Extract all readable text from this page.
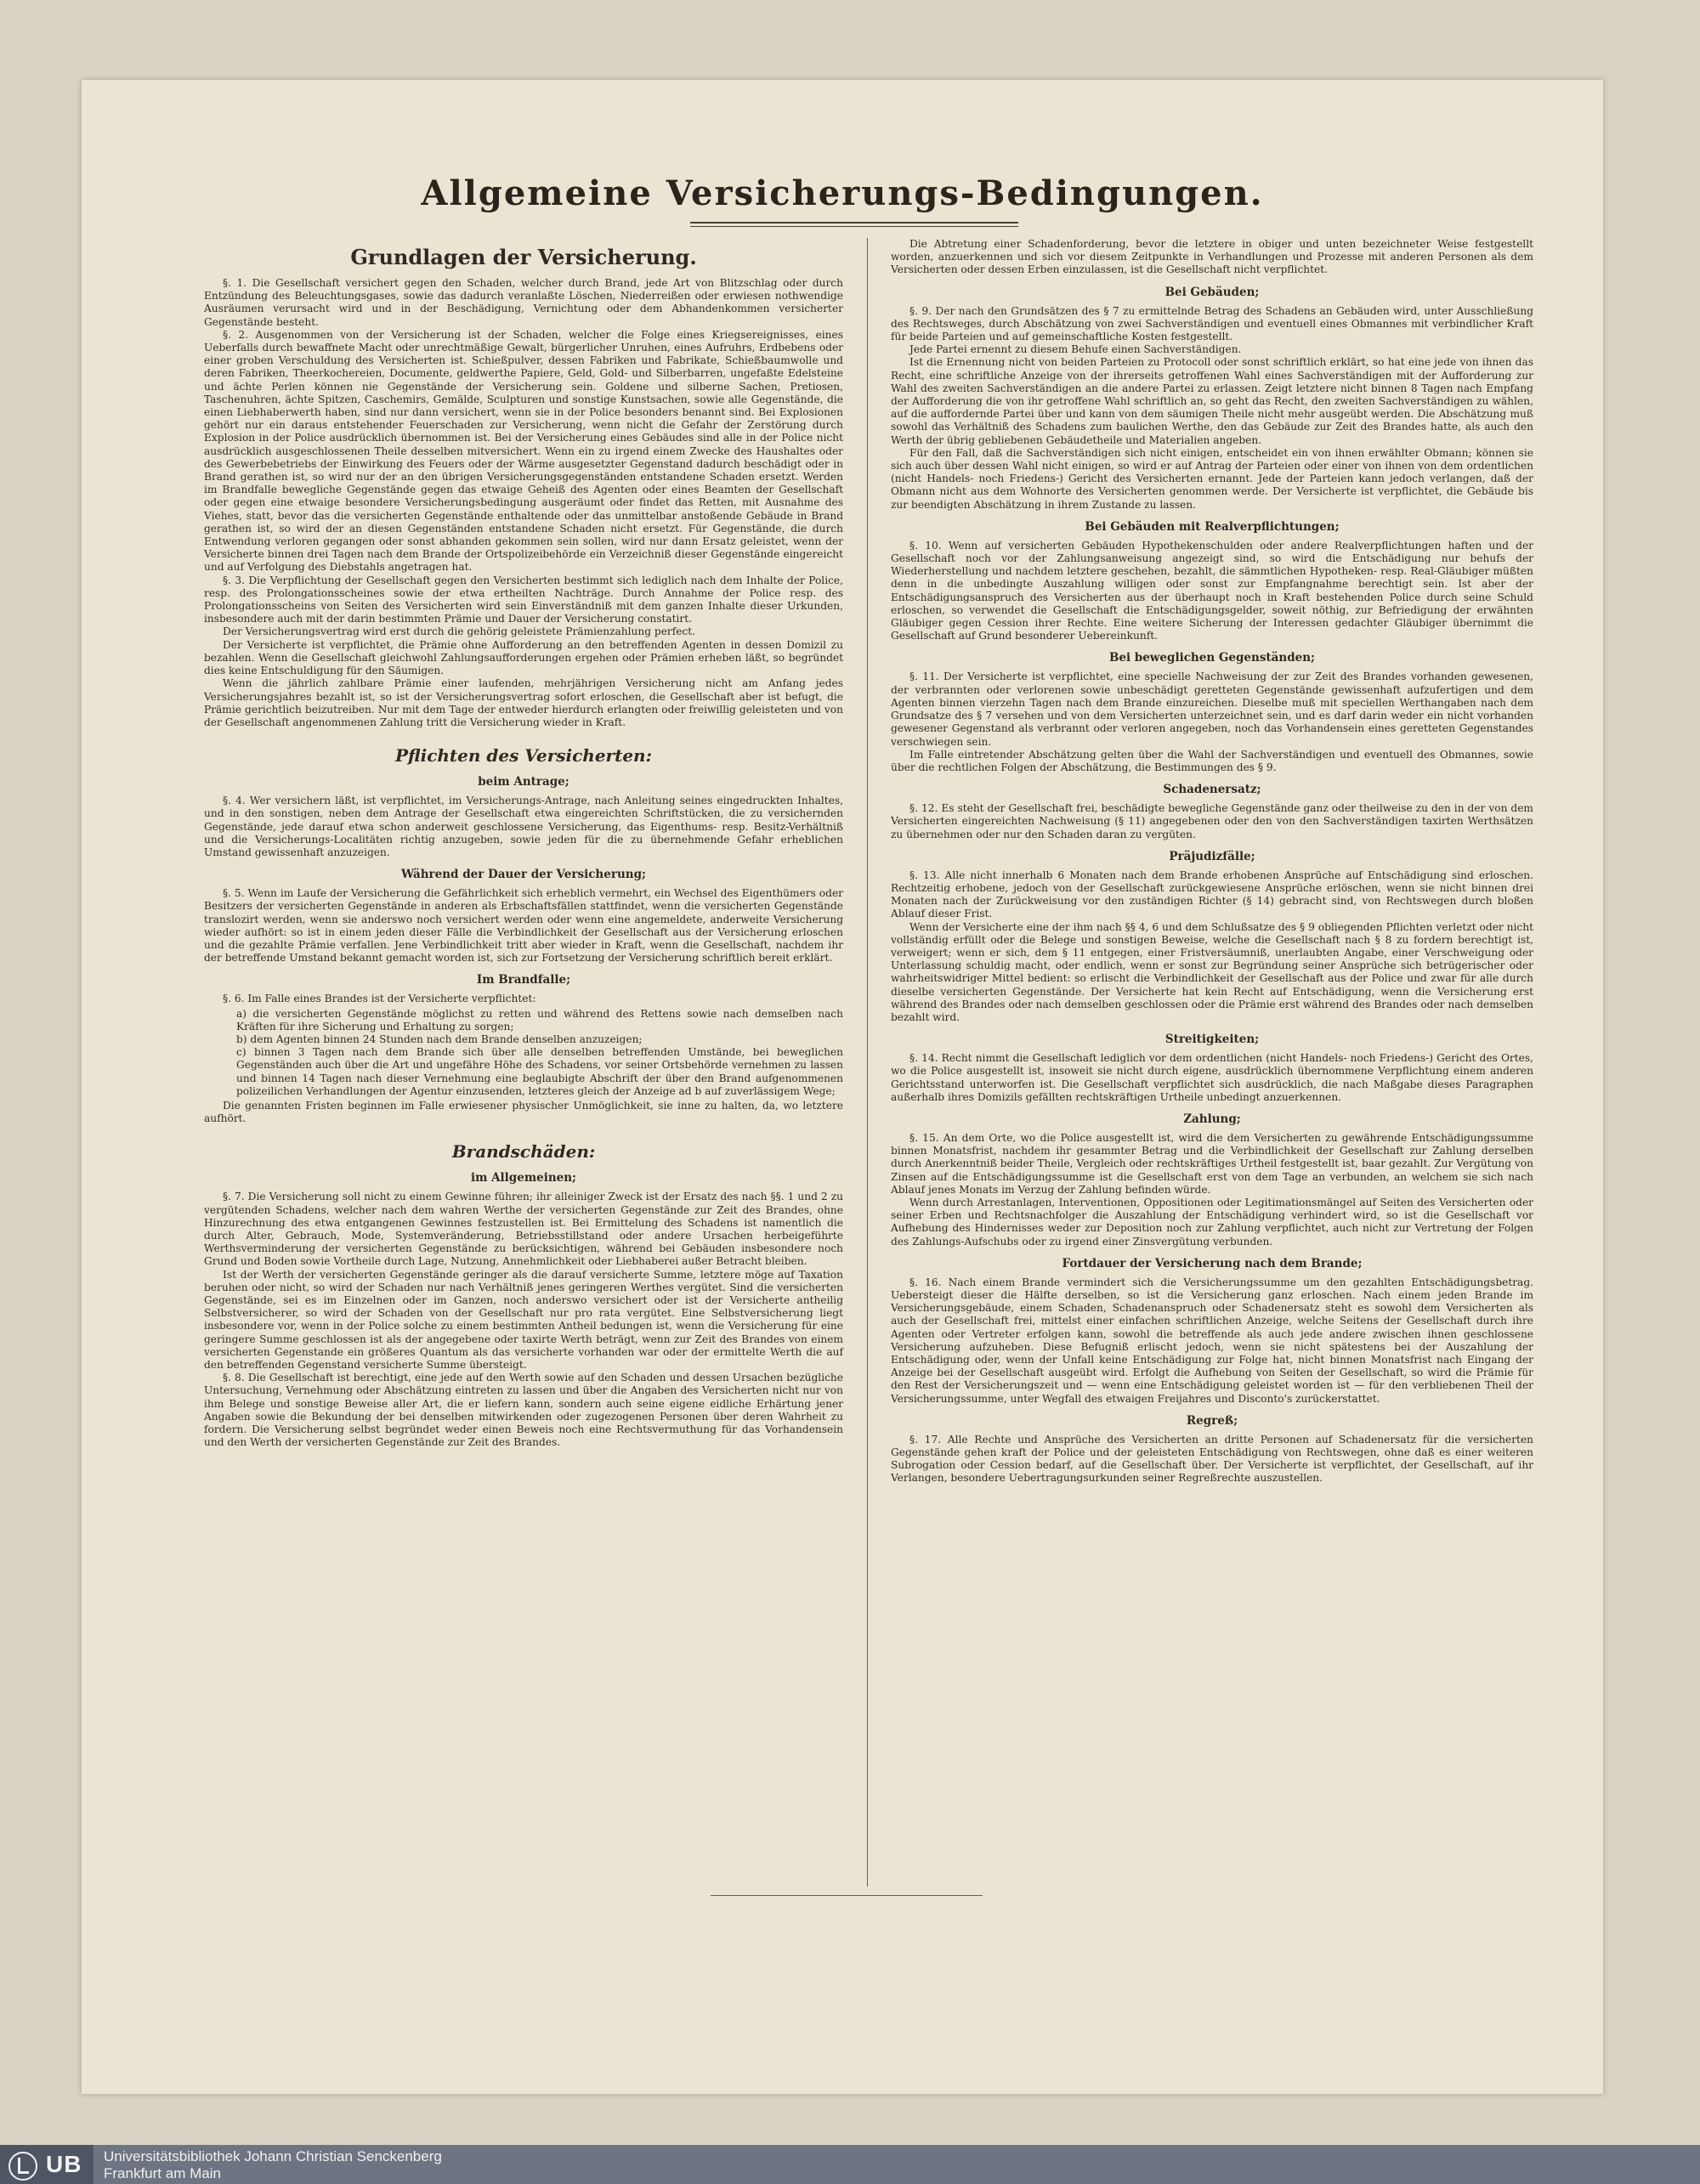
Allgemeine Versicherungs-Bedingungen.
Grundlagen der Versicherung.

§. 1. Die Gesellschaft versichert gegen den Schaden, welcher durch Brand, jede Art von Blitzschlag oder durch Entzündung des Beleuchtungsgases, sowie das dadurch veranlaßte Löschen, Niederreißen oder erwiesen nothwendige Ausräumen verursacht wird und in der Beschädigung, Vernichtung oder dem Abhandenkommen versicherter Gegenstände besteht.

§. 2. Ausgenommen von der Versicherung ist der Schaden, welcher die Folge eines Kriegsereignisses, eines Ueberfalls durch bewaffnete Macht oder unrechtmäßige Gewalt, bürgerlicher Unruhen, eines Aufruhrs, Erdbebens oder einer groben Verschuldung des Versicherten ist. Schießpulver, dessen Fabriken und Fabrikate, Schießbaumwolle und deren Fabriken, Theerkochereien, Documente, geldwerthe Papiere, Geld, Gold- und Silberbarren, ungefaßte Edelsteine und ächte Perlen können nie Gegenstände der Versicherung sein. Goldene und silberne Sachen, Pretiosen, Taschenuhren, ächte Spitzen, Caschemirs, Gemälde, Sculpturen und sonstige Kunstsachen, sowie alle Gegenstände, die einen Liebhaberwerth haben, sind nur dann versichert, wenn sie in der Police besonders benannt sind. Bei Explosionen gehört nur ein daraus entstehender Feuerschaden zur Versicherung, wenn nicht die Gefahr der Zerstörung durch Explosion in der Police ausdrücklich übernommen ist. Bei der Versicherung eines Gebäudes sind alle in der Police nicht ausdrücklich ausgeschlossenen Theile desselben mitversichert. Wenn ein zu irgend einem Zwecke des Haushaltes oder des Gewerbebetriebs der Einwirkung des Feuers oder der Wärme ausgesetzter Gegenstand dadurch beschädigt oder in Brand gerathen ist, so wird nur der an den übrigen Versicherungsgegenständen entstandene Schaden ersetzt. Werden im Brandfalle bewegliche Gegenstände gegen das etwaige Geheiß des Agenten oder eines Beamten der Gesellschaft oder gegen eine etwaige besondere Versicherungsbedingung ausgeräumt oder findet das Retten, mit Ausnahme des Viehes, statt, bevor das die versicherten Gegenstände enthaltende oder das unmittelbar anstoßende Gebäude in Brand gerathen ist, so wird der an diesen Gegenständen entstandene Schaden nicht ersetzt. Für Gegenstände, die durch Entwendung verloren gegangen oder sonst abhanden gekommen sein sollen, wird nur dann Ersatz geleistet, wenn der Versicherte binnen drei Tagen nach dem Brande der Ortspolizeibehörde ein Verzeichniß dieser Gegenstände eingereicht und auf Verfolgung des Diebstahls angetragen hat.

§. 3. Die Verpflichtung der Gesellschaft gegen den Versicherten bestimmt sich lediglich nach dem Inhalte der Police, resp. des Prolongationsscheines sowie der etwa ertheilten Nachträge. Durch Annahme der Police resp. des Prolongationsscheins von Seiten des Versicherten wird sein Einverständniß mit dem ganzen Inhalte dieser Urkunden, insbesondere auch mit der darin bestimmten Prämie und Dauer der Versicherung constatirt.

Der Versicherungsvertrag wird erst durch die gehörig geleistete Prämienzahlung perfect.

Der Versicherte ist verpflichtet, die Prämie ohne Aufforderung an den betreffenden Agenten in dessen Domizil zu bezahlen. Wenn die Gesellschaft gleichwohl Zahlungsaufforderungen ergehen oder Prämien erheben läßt, so begründet dies keine Entschuldigung für den Säumigen.

Wenn die jährlich zahlbare Prämie einer laufenden, mehrjährigen Versicherung nicht am Anfang jedes Versicherungsjahres bezahlt ist, so ist der Versicherungsvertrag sofort erloschen, die Gesellschaft aber ist befugt, die Prämie gerichtlich beizutreiben. Nur mit dem Tage der entweder hierdurch erlangten oder freiwillig geleisteten und von der Gesellschaft angenommenen Zahlung tritt die Versicherung wieder in Kraft.

Pflichten des Versicherten:
beim Antrage;

§. 4. Wer versichern läßt, ist verpflichtet, im Versicherungs-Antrage, nach Anleitung seines eingedruckten Inhaltes, und in den sonstigen, neben dem Antrage der Gesellschaft etwa eingereichten Schriftstücken, die zu versichernden Gegenstände, jede darauf etwa schon anderweit geschlossene Versicherung, das Eigenthums- resp. Besitz-Verhältniß und die Versicherungs-Localitäten richtig anzugeben, sowie jeden für die zu übernehmende Gefahr erheblichen Umstand gewissenhaft anzuzeigen.

Während der Dauer der Versicherung;

§. 5. Wenn im Laufe der Versicherung die Gefährlichkeit sich erheblich vermehrt, ein Wechsel des Eigenthümers oder Besitzers der versicherten Gegenstände in anderen als Erbschaftsfällen stattfindet, wenn die versicherten Gegenstände translozirt werden, wenn sie anderswo noch versichert werden oder wenn eine angemeldete, anderweite Versicherung wieder aufhört: so ist in einem jeden dieser Fälle die Verbindlichkeit der Gesellschaft aus der Versicherung erloschen und die gezahlte Prämie verfallen. Jene Verbindlichkeit tritt aber wieder in Kraft, wenn die Gesellschaft, nachdem ihr der betreffende Umstand bekannt gemacht worden ist, sich zur Fortsetzung der Versicherung schriftlich bereit erklärt.

Im Brandfalle;

§. 6. Im Falle eines Brandes ist der Versicherte verpflichtet:

a) die versicherten Gegenstände möglichst zu retten und während des Rettens sowie nach demselben nach Kräften für ihre Sicherung und Erhaltung zu sorgen;
b) dem Agenten binnen 24 Stunden nach dem Brande denselben anzuzeigen;
c) binnen 3 Tagen nach dem Brande sich über alle denselben betreffenden Umstände, bei beweglichen Gegenständen auch über die Art und ungefähre Höhe des Schadens, vor seiner Ortsbehörde vernehmen zu lassen und binnen 14 Tagen nach dieser Vernehmung eine beglaubigte Abschrift der über den Brand aufgenommenen polizeilichen Verhandlungen der Agentur einzusenden, letzteres gleich der Anzeige ad b auf zuverlässigem Wege;

Die genannten Fristen beginnen im Falle erwiesener physischer Unmöglichkeit, sie inne zu halten, da, wo letztere aufhört.

Brandschäden:
im Allgemeinen;

§. 7. Die Versicherung soll nicht zu einem Gewinne führen; ihr alleiniger Zweck ist der Ersatz des nach §§. 1 und 2 zu vergütenden Schadens, welcher nach dem wahren Werthe der versicherten Gegenstände zur Zeit des Brandes, ohne Hinzurechnung des etwa entgangenen Gewinnes festzustellen ist. Bei Ermittelung des Schadens ist namentlich die durch Alter, Gebrauch, Mode, Systemveränderung, Betriebsstillstand oder andere Ursachen herbeigeführte Werthsverminderung der versicherten Gegenstände zu berücksichtigen, während bei Gebäuden insbesondere noch Grund und Boden sowie Vortheile durch Lage, Nutzung, Annehmlichkeit oder Liebhaberei außer Betracht bleiben.

Ist der Werth der versicherten Gegenstände geringer als die darauf versicherte Summe, letztere möge auf Taxation beruhen oder nicht, so wird der Schaden nur nach Verhältniß jenes geringeren Werthes vergütet. Sind die versicherten Gegenstände, sei es im Einzelnen oder im Ganzen, noch anderswo versichert oder ist der Versicherte antheilig Selbstversicherer, so wird der Schaden von der Gesellschaft nur pro rata vergütet. Eine Selbstversicherung liegt insbesondere vor, wenn in der Police solche zu einem bestimmten Antheil bedungen ist, wenn die Versicherung für eine geringere Summe geschlossen ist als der angegebene oder taxirte Werth beträgt, wenn zur Zeit des Brandes von einem versicherten Gegenstande ein größeres Quantum als das versicherte vorhanden war oder der ermittelte Werth die auf den betreffenden Gegenstand versicherte Summe übersteigt.

§. 8. Die Gesellschaft ist berechtigt, eine jede auf den Werth sowie auf den Schaden und dessen Ursachen bezügliche Untersuchung, Vernehmung oder Abschätzung eintreten zu lassen und über die Angaben des Versicherten nicht nur von ihm Belege und sonstige Beweise aller Art, die er liefern kann, sondern auch seine eigene eidliche Erhärtung jener Angaben sowie die Bekundung der bei denselben mitwirkenden oder zugezogenen Personen über deren Wahrheit zu fordern. Die Versicherung selbst begründet weder einen Beweis noch eine Rechtsvermuthung für das Vorhandensein und den Werth der versicherten Gegenstände zur Zeit des Brandes.

Die Abtretung einer Schadenforderung, bevor die letztere in obiger und unten bezeichneter Weise festgestellt worden, anzuerkennen und sich vor diesem Zeitpunkte in Verhandlungen und Prozesse mit anderen Personen als dem Versicherten oder dessen Erben einzulassen, ist die Gesellschaft nicht verpflichtet.

Bei Gebäuden;

§. 9. Der nach den Grundsätzen des § 7 zu ermittelnde Betrag des Schadens an Gebäuden wird, unter Ausschließung des Rechtsweges, durch Abschätzung von zwei Sachverständigen und eventuell eines Obmannes mit verbindlicher Kraft für beide Parteien und auf gemeinschaftliche Kosten festgestellt.

Jede Partei ernennt zu diesem Behufe einen Sachverständigen.

Ist die Ernennung nicht von beiden Parteien zu Protocoll oder sonst schriftlich erklärt, so hat eine jede von ihnen das Recht, eine schriftliche Anzeige von der ihrerseits getroffenen Wahl eines Sachverständigen mit der Aufforderung zur Wahl des zweiten Sachverständigen an die andere Partei zu erlassen. Zeigt letztere nicht binnen 8 Tagen nach Empfang der Aufforderung die von ihr getroffene Wahl schriftlich an, so geht das Recht, den zweiten Sachverständigen zu wählen, auf die auffordernde Partei über und kann von dem säumigen Theile nicht mehr ausgeübt werden. Die Abschätzung muß sowohl das Verhältniß des Schadens zum baulichen Werthe, den das Gebäude zur Zeit des Brandes hatte, als auch den Werth der übrig gebliebenen Gebäudetheile und Materialien angeben.

Für den Fall, daß die Sachverständigen sich nicht einigen, entscheidet ein von ihnen erwählter Obmann; können sie sich auch über dessen Wahl nicht einigen, so wird er auf Antrag der Parteien oder einer von ihnen von dem ordentlichen (nicht Handels- noch Friedens-) Gericht des Versicherten ernannt. Jede der Parteien kann jedoch verlangen, daß der Obmann nicht aus dem Wohnorte des Versicherten genommen werde. Der Versicherte ist verpflichtet, die Gebäude bis zur beendigten Abschätzung in ihrem Zustande zu lassen.

Bei Gebäuden mit Realverpflichtungen;

§. 10. Wenn auf versicherten Gebäuden Hypothekenschulden oder andere Realverpflichtungen haften und der Gesellschaft noch vor der Zahlungsanweisung angezeigt sind, so wird die Entschädigung nur behufs der Wiederherstellung und nachdem letztere geschehen, bezahlt, die sämmtlichen Hypotheken- resp. Real-Gläubiger müßten denn in die unbedingte Auszahlung willigen oder sonst zur Empfangnahme berechtigt sein. Ist aber der Entschädigungsanspruch des Versicherten aus der überhaupt noch in Kraft bestehenden Police durch seine Schuld erloschen, so verwendet die Gesellschaft die Entschädigungsgelder, soweit nöthig, zur Befriedigung der erwähnten Gläubiger gegen Cession ihrer Rechte. Eine weitere Sicherung der Interessen gedachter Gläubiger übernimmt die Gesellschaft auf Grund besonderer Uebereinkunft.

Bei beweglichen Gegenständen;

§. 11. Der Versicherte ist verpflichtet, eine specielle Nachweisung der zur Zeit des Brandes vorhanden gewesenen, der verbrannten oder verlorenen sowie unbeschädigt geretteten Gegenstände gewissenhaft aufzufertigen und dem Agenten binnen vierzehn Tagen nach dem Brande einzureichen. Dieselbe muß mit speciellen Werthangaben nach dem Grundsatze des § 7 versehen und von dem Versicherten unterzeichnet sein, und es darf darin weder ein nicht vorhanden gewesener Gegenstand als verbrannt oder verloren angegeben, noch das Vorhandensein eines geretteten Gegenstandes verschwiegen sein.

Im Falle eintretender Abschätzung gelten über die Wahl der Sachverständigen und eventuell des Obmannes, sowie über die rechtlichen Folgen der Abschätzung, die Bestimmungen des § 9.

Schadenersatz;

§. 12. Es steht der Gesellschaft frei, beschädigte bewegliche Gegenstände ganz oder theilweise zu den in der von dem Versicherten eingereichten Nachweisung (§ 11) angegebenen oder den von den Sachverständigen taxirten Werthsätzen zu übernehmen oder nur den Schaden daran zu vergüten.

Präjudizfälle;

§. 13. Alle nicht innerhalb 6 Monaten nach dem Brande erhobenen Ansprüche auf Entschädigung sind erloschen. Rechtzeitig erhobene, jedoch von der Gesellschaft zurückgewiesene Ansprüche erlöschen, wenn sie nicht binnen drei Monaten nach der Zurückweisung vor den zuständigen Richter (§ 14) gebracht sind, von Rechtswegen durch bloßen Ablauf dieser Frist.

Wenn der Versicherte eine der ihm nach §§ 4, 6 und dem Schlußsatze des § 9 obliegenden Pflichten verletzt oder nicht vollständig erfüllt oder die Belege und sonstigen Beweise, welche die Gesellschaft nach § 8 zu fordern berechtigt ist, verweigert; wenn er sich, dem § 11 entgegen, einer Fristversäumniß, unerlaubten Angabe, einer Verschweigung oder Unterlassung schuldig macht, oder endlich, wenn er sonst zur Begründung seiner Ansprüche sich betrügerischer oder wahrheitswidriger Mittel bedient: so erlischt die Verbindlichkeit der Gesellschaft aus der Police und zwar für alle durch dieselbe versicherten Gegenstände. Der Versicherte hat kein Recht auf Entschädigung, wenn die Versicherung erst während des Brandes oder nach demselben geschlossen oder die Prämie erst während des Brandes oder nach demselben bezahlt wird.

Streitigkeiten;

§. 14. Recht nimmt die Gesellschaft lediglich vor dem ordentlichen (nicht Handels- noch Friedens-) Gericht des Ortes, wo die Police ausgestellt ist, insoweit sie nicht durch eigene, ausdrücklich übernommene Verpflichtung einem anderen Gerichtsstand unterworfen ist. Die Gesellschaft verpflichtet sich ausdrücklich, die nach Maßgabe dieses Paragraphen außerhalb ihres Domizils gefällten rechtskräftigen Urtheile unbedingt anzuerkennen.

Zahlung;

§. 15. An dem Orte, wo die Police ausgestellt ist, wird die dem Versicherten zu gewährende Entschädigungssumme binnen Monatsfrist, nachdem ihr gesammter Betrag und die Verbindlichkeit der Gesellschaft zur Zahlung derselben durch Anerkenntniß beider Theile, Vergleich oder rechtskräftiges Urtheil festgestellt ist, baar gezahlt. Zur Vergütung von Zinsen auf die Entschädigungssumme ist die Gesellschaft erst von dem Tage an verbunden, an welchem sie sich nach Ablauf jenes Monats im Verzug der Zahlung befinden würde.

Wenn durch Arrestanlagen, Interventionen, Oppositionen oder Legitimationsmängel auf Seiten des Versicherten oder seiner Erben und Rechtsnachfolger die Auszahlung der Entschädigung verhindert wird, so ist die Gesellschaft vor Aufhebung des Hindernisses weder zur Deposition noch zur Zahlung verpflichtet, auch nicht zur Vertretung der Folgen des Zahlungs-Aufschubs oder zu irgend einer Zinsvergütung verbunden.

Fortdauer der Versicherung nach dem Brande;

§. 16. Nach einem Brande vermindert sich die Versicherungssumme um den gezahlten Entschädigungsbetrag. Uebersteigt dieser die Hälfte derselben, so ist die Versicherung ganz erloschen. Nach einem jeden Brande im Versicherungsgebäude, einem Schaden, Schadenanspruch oder Schadenersatz steht es sowohl dem Versicherten als auch der Gesellschaft frei, mittelst einer einfachen schriftlichen Anzeige, welche Seitens der Gesellschaft durch ihre Agenten oder Vertreter erfolgen kann, sowohl die betreffende als auch jede andere zwischen ihnen geschlossene Versicherung aufzuheben. Diese Befugniß erlischt jedoch, wenn sie nicht spätestens bei der Auszahlung der Entschädigung oder, wenn der Unfall keine Entschädigung zur Folge hat, nicht binnen Monatsfrist nach Eingang der Anzeige bei der Gesellschaft ausgeübt wird. Erfolgt die Aufhebung von Seiten der Gesellschaft, so wird die Prämie für den Rest der Versicherungszeit und — wenn eine Entschädigung geleistet worden ist — für den verbliebenen Theil der Versicherungssumme, unter Wegfall des etwaigen Freijahres und Disconto's zurückerstattet.

Regreß;

§. 17. Alle Rechte und Ansprüche des Versicherten an dritte Personen auf Schadenersatz für die versicherten Gegenstände gehen kraft der Police und der geleisteten Entschädigung von Rechtswegen, ohne daß es einer weiteren Subrogation oder Cession bedarf, auf die Gesellschaft über. Der Versicherte ist verpflichtet, der Gesellschaft, auf ihr Verlangen, besondere Uebertragungsurkunden seiner Regreßrechte auszustellen.

UB Universitätsbibliothek Johann Christian Senckenberg
Frankfurt am Main
